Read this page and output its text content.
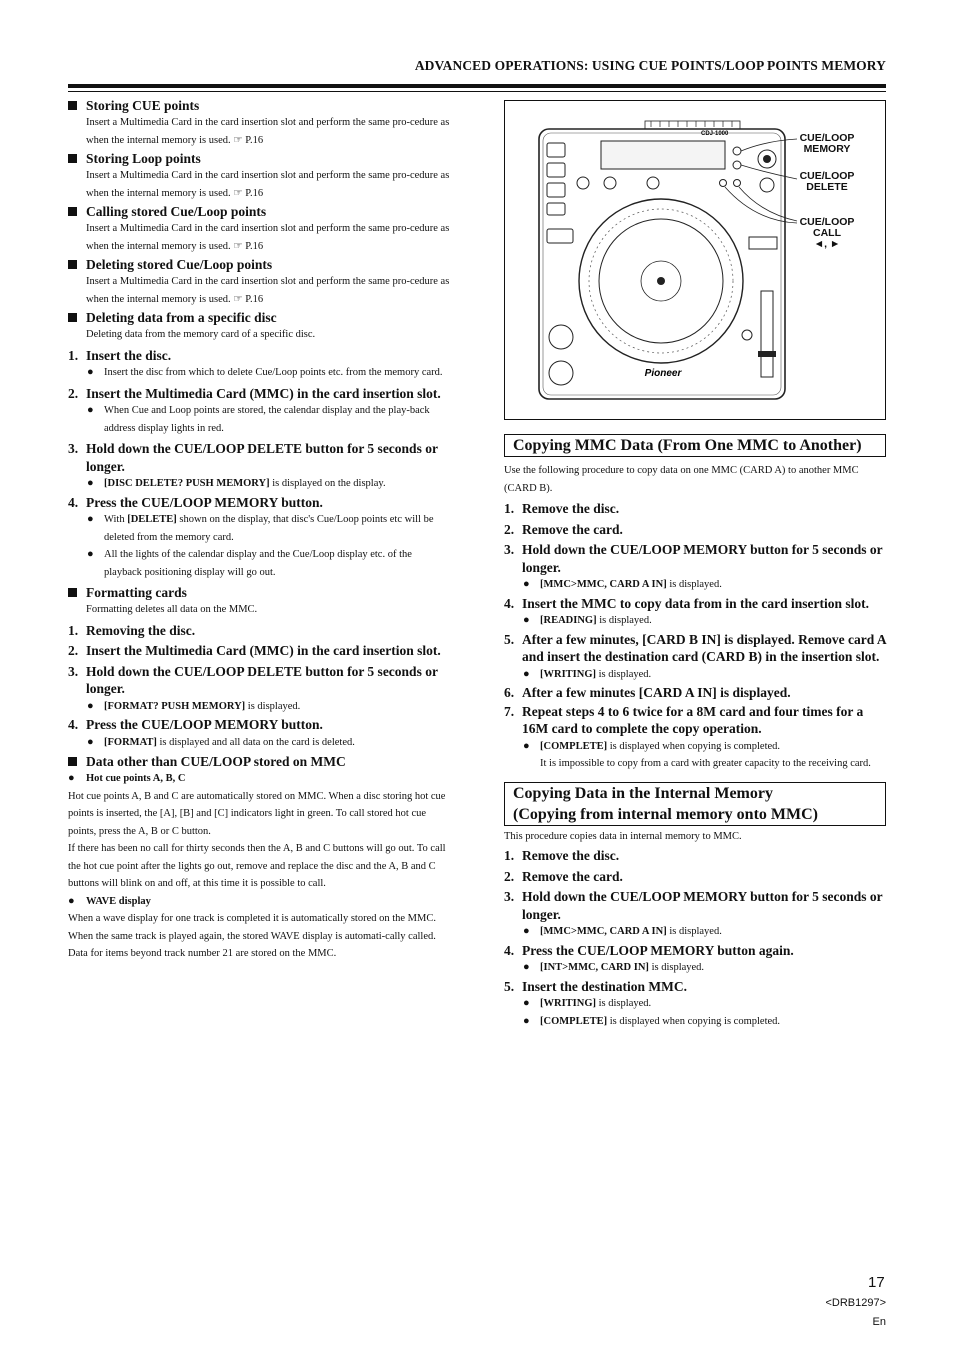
ADVANCED OPERATIONS: USING CUE POINTS/LOOP POINTS MEMORY
Storing CUE points
Insert a Multimedia Card in the card insertion slot and perform the same pro-cedure as when the internal memory is used. ☞ P.16
Storing Loop points
Insert a Multimedia Card in the card insertion slot and perform the same pro-cedure as when the internal memory is used. ☞ P.16
Calling stored Cue/Loop points
Insert a Multimedia Card in the card insertion slot and perform the same pro-cedure as when the internal memory is used. ☞ P.16
Deleting stored Cue/Loop points
Insert a Multimedia Card in the card insertion slot and perform the same pro-cedure as when the internal memory is used. ☞ P.16
Deleting data from a specific disc
Deleting data from the memory card of a specific disc.
1. Insert the disc.
● Insert the disc from which to delete Cue/Loop points etc. from the memory card.
2. Insert the Multimedia Card (MMC) in the card insertion slot.
● When Cue and Loop points are stored, the calendar display and the play-back address display lights in red.
3. Hold down the CUE/LOOP DELETE button for 5 seconds or longer.
● [DISC DELETE? PUSH MEMORY] is displayed on the display.
4. Press the CUE/LOOP MEMORY button.
● With [DELETE] shown on the display, that disc's Cue/Loop points etc will be deleted from the memory card.
● All the lights of the calendar display and the Cue/Loop display etc. of the playback positioning display will go out.
Formatting cards
Formatting deletes all data on the MMC.
1. Removing the disc.
2. Insert the Multimedia Card (MMC) in the card insertion slot.
3. Hold down the CUE/LOOP DELETE button for 5 seconds or longer.
● [FORMAT? PUSH MEMORY] is displayed.
4. Press the CUE/LOOP MEMORY button.
● [FORMAT] is displayed and all data on the card is deleted.
Data other than CUE/LOOP stored on MMC
● Hot cue points A, B, C
Hot cue points A, B and C are automatically stored on MMC. When a disc storing hot cue points is inserted, the [A], [B] and [C] indicators light in green. To call stored hot cue points, press the A, B or C button.
If there has been no call for thirty seconds then the A, B and C buttons will go out. To call the hot cue point after the lights go out, remove and replace the disc and the A, B and C buttons will blink on and off, at this time it is possible to call.
● WAVE display
When a wave display for one track is completed it is automatically stored on the MMC. When the same track is played again, the stored WAVE display is automati-cally called. Data for items beyond track number 21 are stored on the MMC.
Pioneer
CDJ-1000	CUE/LOOP
MEMORY
CUE/LOOP
DELETE
CUE/LOOP
CALL
◄, ►
Copying MMC Data (From One MMC to Another)
Use the following procedure to copy data on one MMC (CARD A) to another MMC (CARD B).
1. Remove the disc.
2. Remove the card.
3. Hold down the CUE/LOOP MEMORY button for 5 seconds or longer.
● [MMC>MMC, CARD A IN] is displayed.
4. Insert the MMC to copy data from in the card insertion slot.
● [READING] is displayed.
5. After a few minutes, [CARD B IN] is displayed. Remove card A and insert the destination card (CARD B) in the insertion slot.
● [WRITING] is displayed.
6. After a few minutes [CARD A IN] is displayed.
7. Repeat steps 4 to 6 twice for a 8M card and four times for a 16M card to complete the copy operation.
● [COMPLETE] is displayed when copying is completed.
It is impossible to copy from a card with greater capacity to the receiving card.
Copying Data in the Internal Memory
(Copying from internal memory onto MMC)
This procedure copies data in internal memory to MMC.
1. Remove the disc.
2. Remove the card.
3. Hold down the CUE/LOOP MEMORY button for 5 seconds or longer.
● [MMC>MMC, CARD A IN] is displayed.
4. Press the CUE/LOOP MEMORY button again.
● [INT>MMC, CARD IN] is displayed.
5. Insert the destination MMC.
● [WRITING] is displayed.
● [COMPLETE] is displayed when copying is completed.
17
<DRB1297>
En
